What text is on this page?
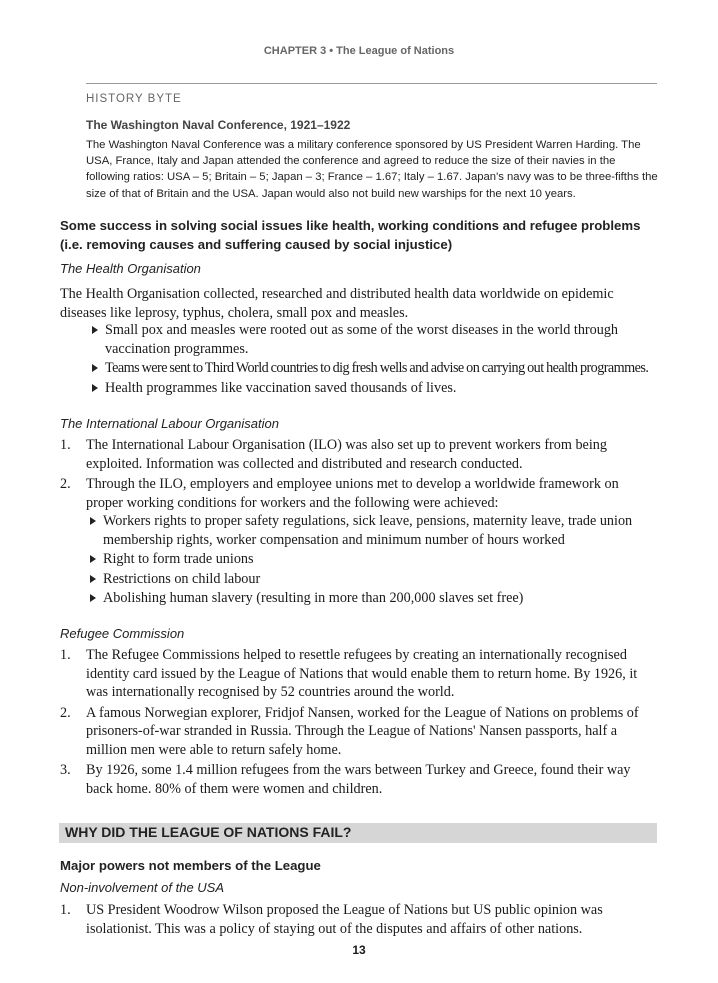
CHAPTER 3 • The League of Nations
HISTORY BYTE
The Washington Naval Conference, 1921–1922
The Washington Naval Conference was a military conference sponsored by US President Warren Harding. The USA, France, Italy and Japan attended the conference and agreed to reduce the size of their navies in the following ratios: USA – 5; Britain – 5; Japan – 3; France – 1.67; Italy – 1.67. Japan's navy was to be three-fifths the size of that of Britain and the USA. Japan would also not build new warships for the next 10 years.
Some success in solving social issues like health, working conditions and refugee problems
(i.e. removing causes and suffering caused by social injustice)
The Health Organisation
The Health Organisation collected, researched and distributed health data worldwide on epidemic diseases like leprosy, typhus, cholera, small pox and measles.
Small pox and measles were rooted out as some of the worst diseases in the world through vaccination programmes.
Teams were sent to Third World countries to dig fresh wells and advise on carrying out health programmes.
Health programmes like vaccination saved thousands of lives.
The International Labour Organisation
1. The International Labour Organisation (ILO) was also set up to prevent workers from being exploited. Information was collected and distributed and research conducted.
2. Through the ILO, employers and employee unions met to develop a worldwide framework on proper working conditions for workers and the following were achieved:
Workers rights to proper safety regulations, sick leave, pensions, maternity leave, trade union membership rights, worker compensation and minimum number of hours worked
Right to form trade unions
Restrictions on child labour
Abolishing human slavery (resulting in more than 200,000 slaves set free)
Refugee Commission
1. The Refugee Commissions helped to resettle refugees by creating an internationally recognised identity card issued by the League of Nations that would enable them to return home. By 1926, it was internationally recognised by 52 countries around the world.
2. A famous Norwegian explorer, Fridjof Nansen, worked for the League of Nations on problems of prisoners-of-war stranded in Russia. Through the League of Nations' Nansen passports, half a million men were able to return safely home.
3. By 1926, some 1.4 million refugees from the wars between Turkey and Greece, found their way back home. 80% of them were women and children.
WHY DID THE LEAGUE OF NATIONS FAIL?
Major powers not members of the League
Non-involvement of the USA
1. US President Woodrow Wilson proposed the League of Nations but US public opinion was isolationist. This was a policy of staying out of the disputes and affairs of other nations.
13
